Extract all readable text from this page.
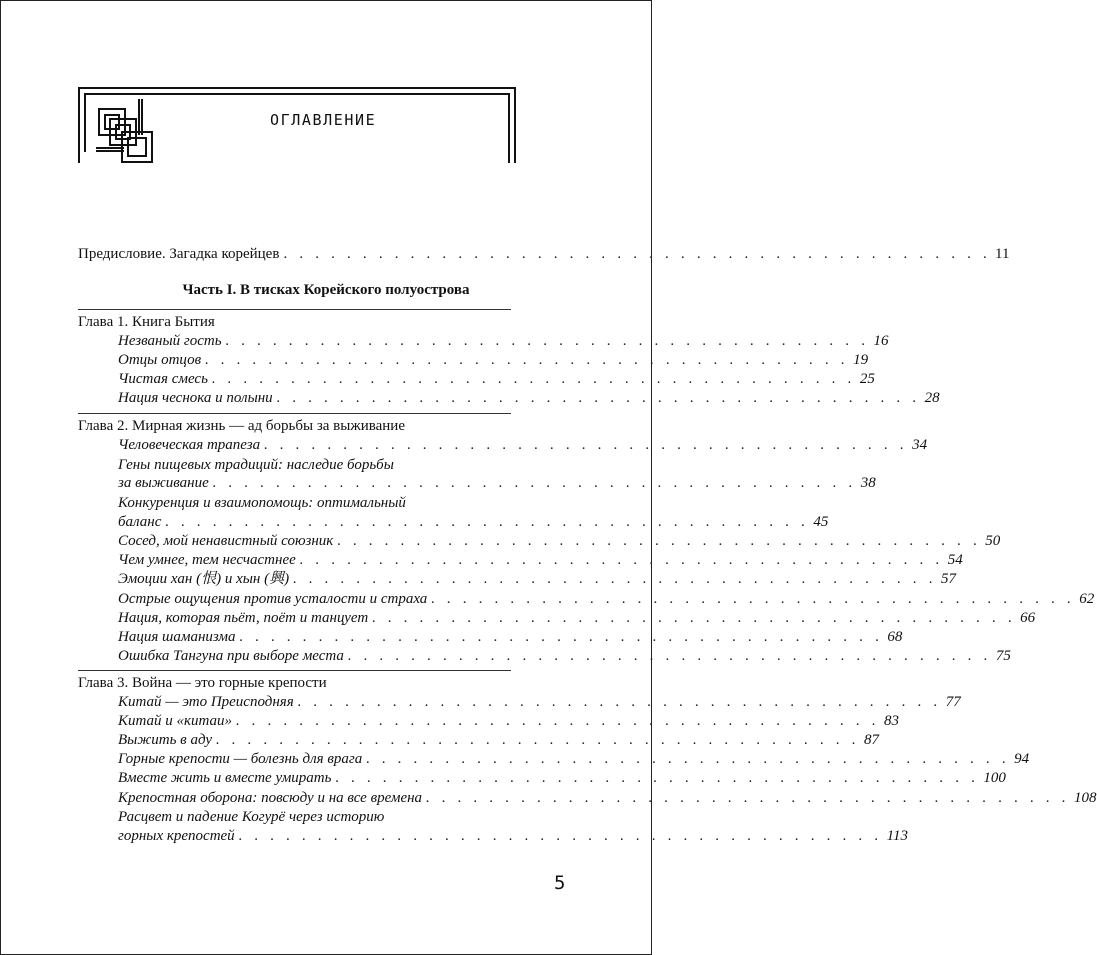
ОГЛАВЛЕНИЕ
Предисловие. Загадка корейцев . . . . . . . . . . . . . . . . . . . . . . . . . . . . . . . . . . . . . . . . . . . . . 11
Часть I. В тисках Корейского полуострова
Глава 1. Книга Бытия
Незваный гость . . . . . . . . . . . . . . . . . . . . . . . . . . . . . . . . . . . . . . . . . 16
Отцы отцов . . . . . . . . . . . . . . . . . . . . . . . . . . . . . . . . . . . . . . . . . 19
Чистая смесь . . . . . . . . . . . . . . . . . . . . . . . . . . . . . . . . . . . . . . . . . 25
Нация чеснока и полыни . . . . . . . . . . . . . . . . . . . . . . . . . . . . . . . . . . . . . . . . . 28
Глава 2. Мирная жизнь — ад борьбы за выживание
Человеческая трапеза . . . . . . . . . . . . . . . . . . . . . . . . . . . . . . . . . . . . . . . . . 34
Гены пищевых традиций: наследие борьбы
за выживание . . . . . . . . . . . . . . . . . . . . . . . . . . . . . . . . . . . . . . . . . 38
Конкуренция и взаимопомощь: оптимальный
баланс . . . . . . . . . . . . . . . . . . . . . . . . . . . . . . . . . . . . . . . . . 45
Сосед, мой ненавистный союзник . . . . . . . . . . . . . . . . . . . . . . . . . . . . . . . . . . . . . . . . . 50
Чем умнее, тем несчастнее . . . . . . . . . . . . . . . . . . . . . . . . . . . . . . . . . . . . . . . . . 54
Эмоции хан (恨) и хын (興) . . . . . . . . . . . . . . . . . . . . . . . . . . . . . . . . . . . . . . . . . 57
Острые ощущения против усталости и страха . . . . . . . . . . . . . . . . . . . . . . . . . . . . . . . . . . . . . . . . . 62
Нация, которая пьёт, поёт и танцует . . . . . . . . . . . . . . . . . . . . . . . . . . . . . . . . . . . . . . . . . 66
Нация шаманизма . . . . . . . . . . . . . . . . . . . . . . . . . . . . . . . . . . . . . . . . . 68
Ошибка Тангуна при выборе места . . . . . . . . . . . . . . . . . . . . . . . . . . . . . . . . . . . . . . . . . 75
Глава 3. Война — это горные крепости
Китай — это Преисподняя . . . . . . . . . . . . . . . . . . . . . . . . . . . . . . . . . . . . . . . . . 77
Китай и «китаи» . . . . . . . . . . . . . . . . . . . . . . . . . . . . . . . . . . . . . . . . . 83
Выжить в аду . . . . . . . . . . . . . . . . . . . . . . . . . . . . . . . . . . . . . . . . . 87
Горные крепости — болезнь для врага . . . . . . . . . . . . . . . . . . . . . . . . . . . . . . . . . . . . . . . . . 94
Вместе жить и вместе умирать . . . . . . . . . . . . . . . . . . . . . . . . . . . . . . . . . . . . . . . . . 100
Крепостная оборона: повсюду и на все времена . . . . . . . . . . . . . . . . . . . . . . . . . . . . . . . . . . . . . . . . . 108
Расцвет и падение Когурё через историю
горных крепостей . . . . . . . . . . . . . . . . . . . . . . . . . . . . . . . . . . . . . . . . . 113
5
